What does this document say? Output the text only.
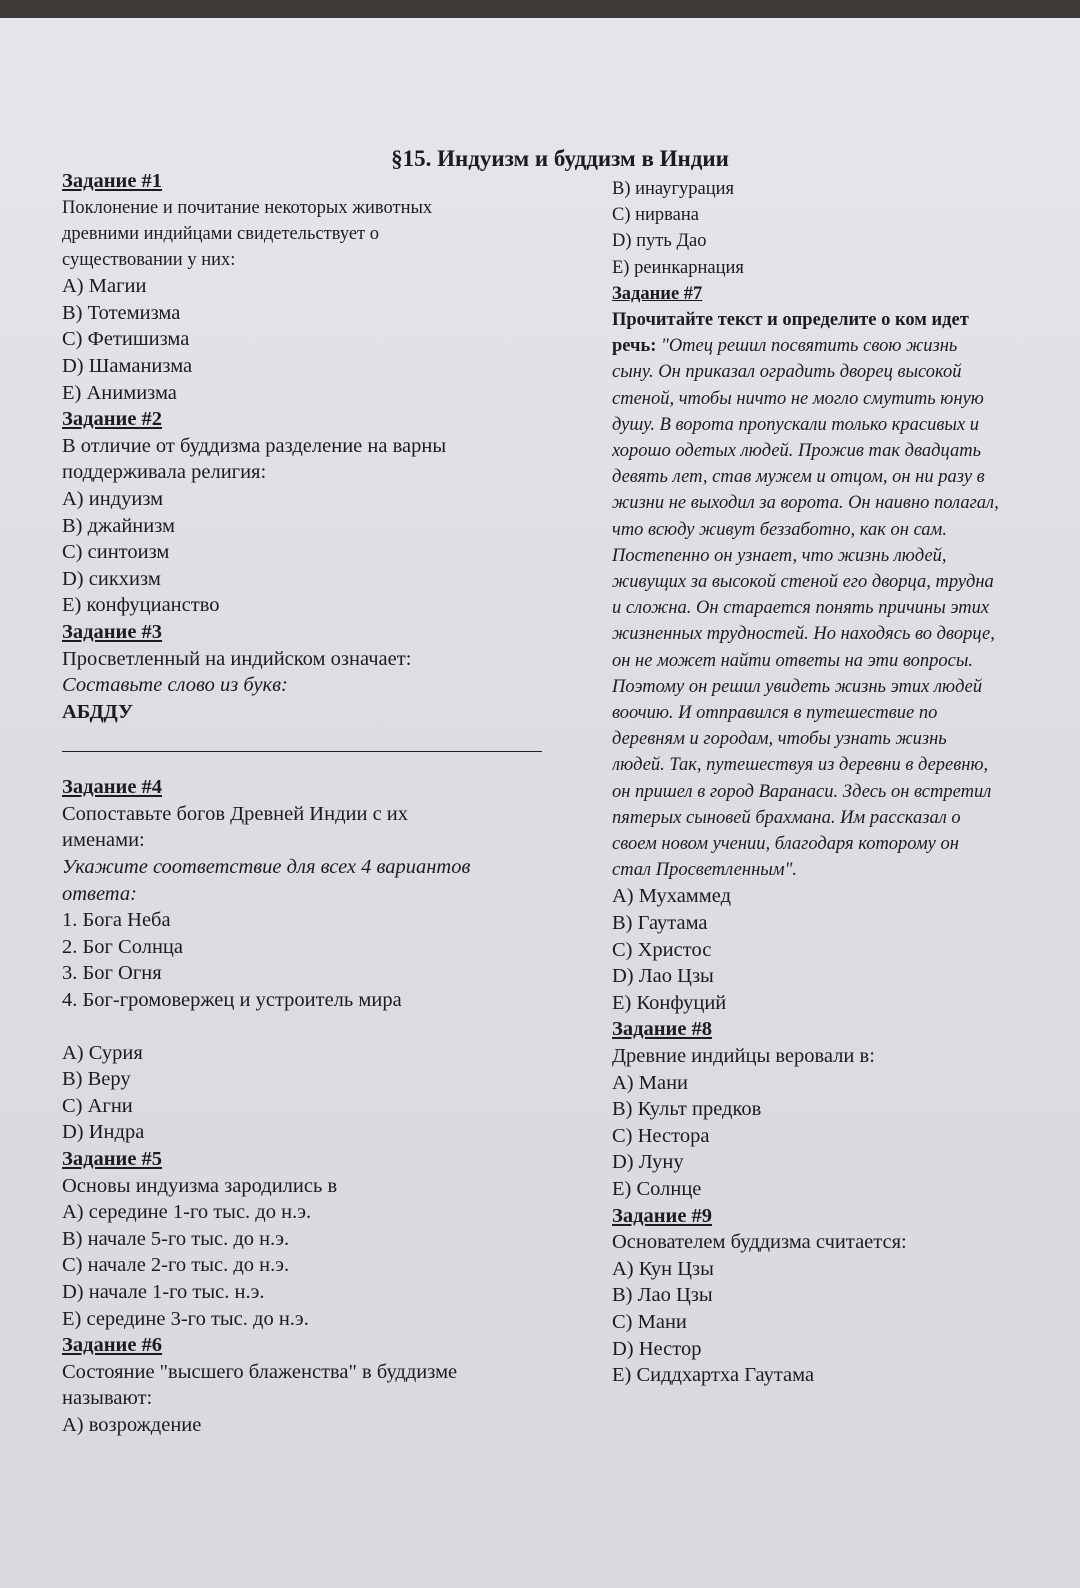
§15. Индуизм и буддизм в Индии
Задание #1
Поклонение и почитание некоторых животных
древними индийцами свидетельствует о
существовании у них:
А) Магии
В) Тотемизма
С) Фетишизма
D) Шаманизма
Е) Анимизма
Задание #2
В отличие от буддизма разделение на варны
поддерживала религия:
А) индуизм
В) джайнизм
С) синтоизм
D) сикхизм
Е) конфуцианство
Задание #3
Просветленный на индийском означает:
Составьте слово из букв:
АБДДУ
Задание #4
Сопоставьте богов Древней Индии с их
именами:
Укажите соответствие для всех 4 вариантов
ответа:
1. Бога Неба
2. Бог Солнца
3. Бог Огня
4. Бог-громовержец и устроитель мира
А) Сурия
В) Веру
С) Агни
D) Индра
Задание #5
Основы индуизма зародились в
А) середине 1-го тыс. до н.э.
В) начале 5-го тыс. до н.э.
С) начале 2-го тыс. до н.э.
D) начале 1-го тыс. н.э.
Е) середине 3-го тыс. до н.э.
Задание #6
Состояние "высшего блаженства" в буддизме
называют:
А) возрождение
В) инаугурация
С) нирвана
D) путь Дао
Е) реинкарнация
Задание #7
Прочитайте текст и определите о ком идет
речь: "Отец решил посвятить свою жизнь
сыну. Он приказал оградить дворец высокой
стеной, чтобы ничто не могло смутить юную
душу. В ворота пропускали только красивых и
хорошо одетых людей. Прожив так двадцать
девять лет, став мужем и отцом, он ни разу в
жизни не выходил за ворота. Он наивно полагал,
что всюду живут беззаботно, как он сам.
Постепенно он узнает, что жизнь людей,
живущих за высокой стеной его дворца, трудна
и сложна. Он старается понять причины этих
жизненных трудностей. Но находясь во дворце,
он не может найти ответы на эти вопросы.
Поэтому он решил увидеть жизнь этих людей
воочию. И отправился в путешествие по
деревням и городам, чтобы узнать жизнь
людей. Так, путешествуя из деревни в деревню,
он пришел в город Варанаси. Здесь он встретил
пятерых сыновей брахмана. Им рассказал о
своем новом учении, благодаря которому он
стал Просветленным".
А) Мухаммед
В) Гаутама
С) Христос
D) Лао Цзы
Е) Конфуций
Задание #8
Древние индийцы веровали в:
А) Мани
В) Культ предков
С) Нестора
D) Луну
Е) Солнце
Задание #9
Основателем буддизма считается:
А) Кун Цзы
В) Лао Цзы
С) Мани
D) Нестор
Е) Сиддхартха Гаутама
